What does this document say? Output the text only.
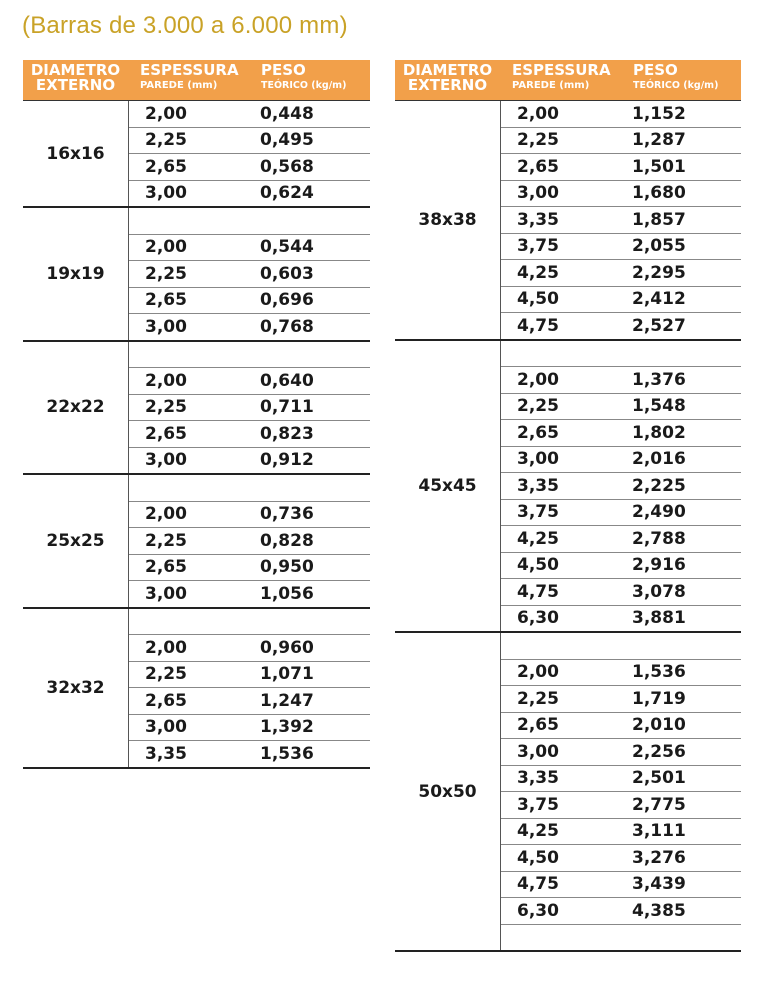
(Barras de 3.000 a 6.000 mm)
DIAMETRO
EXTERNO
ESPESSURA
PAREDE (mm)
PESO
TEÓRICO (kg/m)
16x16
2,00	0,448
2,25	0,495
2,65	0,568
3,00	0,624
19x19
2,00	0,544
2,25	0,603
2,65	0,696
3,00	0,768
22x22
2,00	0,640
2,25	0,711
2,65	0,823
3,00	0,912
25x25
2,00	0,736
2,25	0,828
2,65	0,950
3,00	1,056
32x32
2,00	0,960
2,25	1,071
2,65	1,247
3,00	1,392
3,35	1,536
DIAMETRO
EXTERNO
ESPESSURA
PAREDE (mm)
PESO
TEÓRICO (kg/m)
38x38
2,00	1,152
2,25	1,287
2,65	1,501
3,00	1,680
3,35	1,857
3,75	2,055
4,25	2,295
4,50	2,412
4,75	2,527
45x45
2,00	1,376
2,25	1,548
2,65	1,802
3,00	2,016
3,35	2,225
3,75	2,490
4,25	2,788
4,50	2,916
4,75	3,078
6,30	3,881
50x50
2,00	1,536
2,25	1,719
2,65	2,010
3,00	2,256
3,35	2,501
3,75	2,775
4,25	3,111
4,50	3,276
4,75	3,439
6,30	4,385
